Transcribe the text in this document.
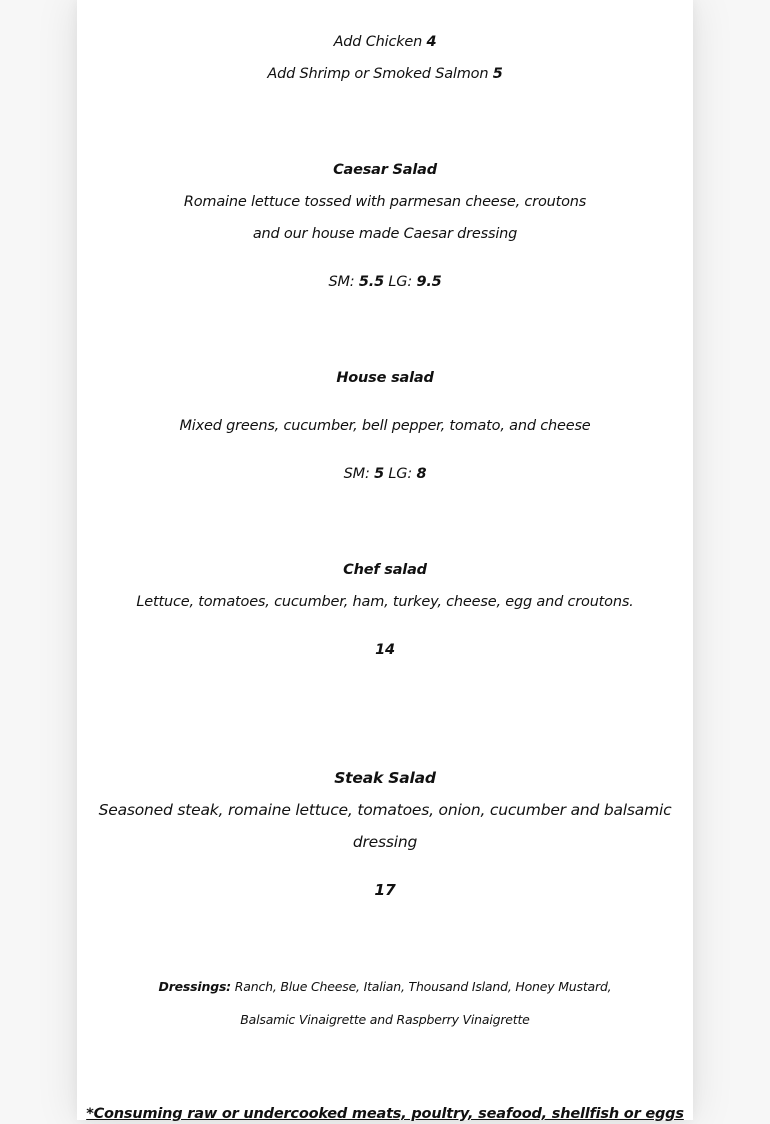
Add Chicken 4
Add Shrimp or Smoked Salmon 5
Caesar Salad
Romaine lettuce tossed with parmesan cheese, croutons
and our house made Caesar dressing
SM: 5.5 LG: 9.5
House salad
Mixed greens, cucumber, bell pepper, tomato, and cheese
SM: 5 LG: 8
Chef salad
Lettuce, tomatoes, cucumber, ham, turkey, cheese, egg and croutons.
14
Steak Salad
Seasoned steak, romaine lettuce, tomatoes, onion, cucumber and balsamic
dressing
17
Dressings: Ranch, Blue Cheese, Italian, Thousand Island, Honey Mustard,
Balsamic Vinaigrette and Raspberry Vinaigrette
*Consuming raw or undercooked meats, poultry, seafood, shellfish or eggs
